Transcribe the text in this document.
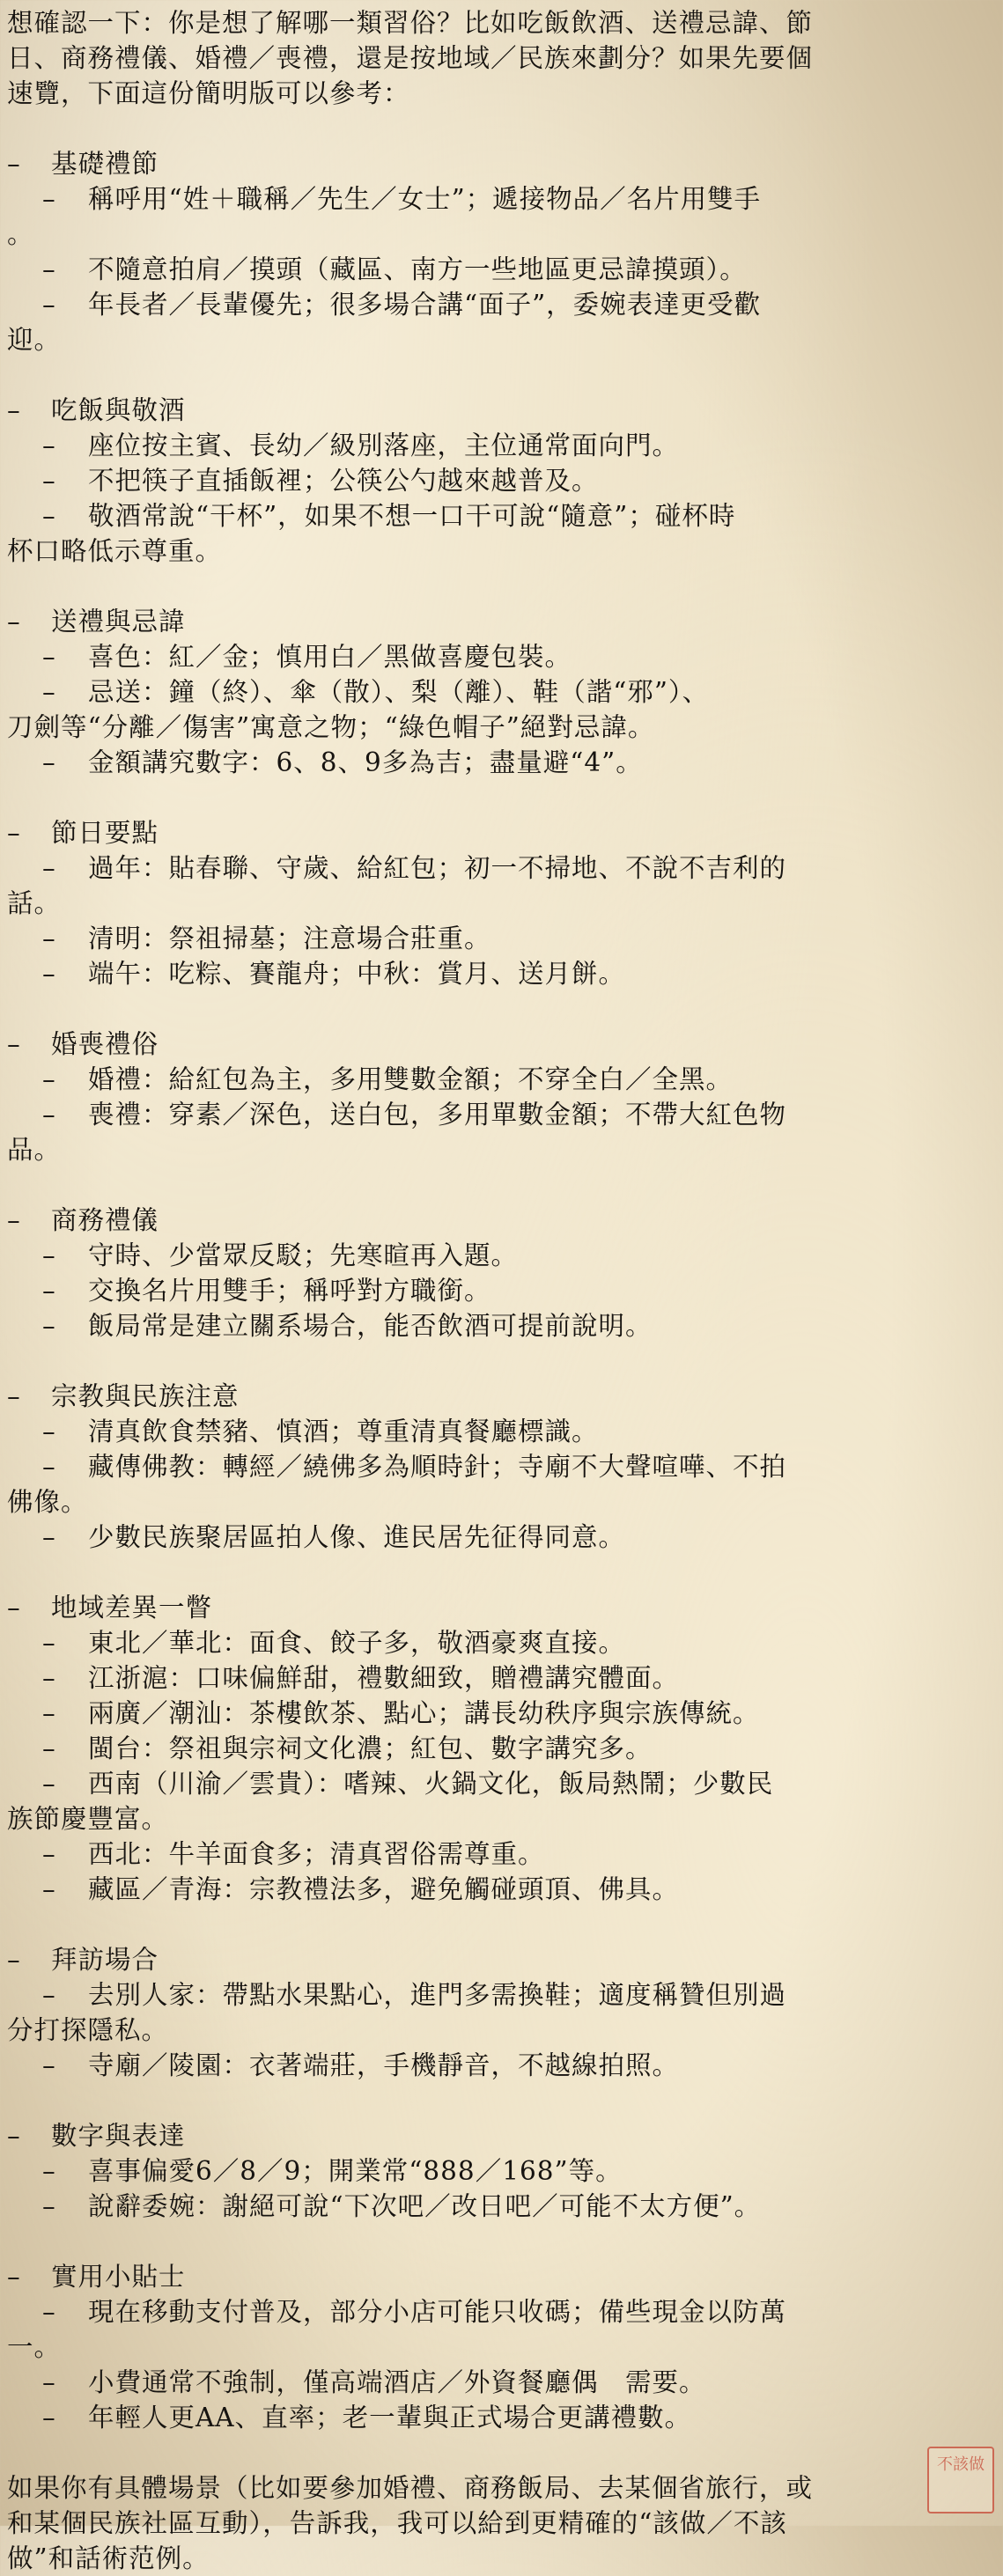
想確認一下：你是想了解哪一類習俗？比如吃飯飲酒、送禮忌諱、節
日、商務禮儀、婚禮／喪禮，還是按地域／民族來劃分？如果先要個
速覽，下面這份簡明版可以參考：
– 基礎禮節
– 稱呼用“姓＋職稱／先生／女士”；遞接物品／名片用雙手
。
– 不隨意拍肩／摸頭（藏區、南方一些地區更忌諱摸頭）。
– 年長者／長輩優先；很多場合講“面子”，委婉表達更受歡
迎。
– 吃飯與敬酒
– 座位按主賓、長幼／級別落座，主位通常面向門。
– 不把筷子直插飯裡；公筷公勺越來越普及。
– 敬酒常說“干杯”，如果不想一口干可說“隨意”；碰杯時
杯口略低示尊重。
– 送禮與忌諱
– 喜色：紅／金；慎用白／黑做喜慶包裝。
– 忌送：鐘（終）、傘（散）、梨（離）、鞋（諧“邪”）、
刀劍等“分離／傷害”寓意之物；“綠色帽子”絕對忌諱。
– 金額講究數字：6、8、9多為吉；盡量避“4”。
– 節日要點
– 過年：貼春聯、守歲、給紅包；初一不掃地、不說不吉利的
話。
– 清明：祭祖掃墓；注意場合莊重。
– 端午：吃粽、賽龍舟；中秋：賞月、送月餅。
– 婚喪禮俗
– 婚禮：給紅包為主，多用雙數金額；不穿全白／全黑。
– 喪禮：穿素／深色，送白包，多用單數金額；不帶大紅色物
品。
– 商務禮儀
– 守時、少當眾反駁；先寒暄再入題。
– 交換名片用雙手；稱呼對方職銜。
– 飯局常是建立關系場合，能否飲酒可提前說明。
– 宗教與民族注意
– 清真飲食禁豬、慎酒；尊重清真餐廳標識。
– 藏傳佛教：轉經／繞佛多為順時針；寺廟不大聲喧嘩、不拍
佛像。
– 少數民族聚居區拍人像、進民居先征得同意。
– 地域差異一瞥
– 東北／華北：面食、餃子多，敬酒豪爽直接。
– 江浙滬：口味偏鮮甜，禮數細致，贈禮講究體面。
– 兩廣／潮汕：茶樓飲茶、點心；講長幼秩序與宗族傳統。
– 閩台：祭祖與宗祠文化濃；紅包、數字講究多。
– 西南（川渝／雲貴）：嗜辣、火鍋文化，飯局熱鬧；少數民
族節慶豐富。
– 西北：牛羊面食多；清真習俗需尊重。
– 藏區／青海：宗教禮法多，避免觸碰頭頂、佛具。
– 拜訪場合
– 去別人家：帶點水果點心，進門多需換鞋；適度稱贊但別過
分打探隱私。
– 寺廟／陵園：衣著端莊，手機靜音，不越線拍照。
– 數字與表達
– 喜事偏愛6／8／9；開業常“888／168”等。
– 說辭委婉：謝絕可說“下次吧／改日吧／可能不太方便”。
– 實用小貼士
– 現在移動支付普及，部分小店可能只收碼；備些現金以防萬
一。
– 小費通常不強制，僅高端酒店／外資餐廳偶　需要。
– 年輕人更AA、直率；老一輩與正式場合更講禮數。
如果你有具體場景（比如要參加婚禮、商務飯局、去某個省旅行，或
和某個民族社區互動），告訴我，我可以給到更精確的“該做／不該
做”和話術范例。
不該做
